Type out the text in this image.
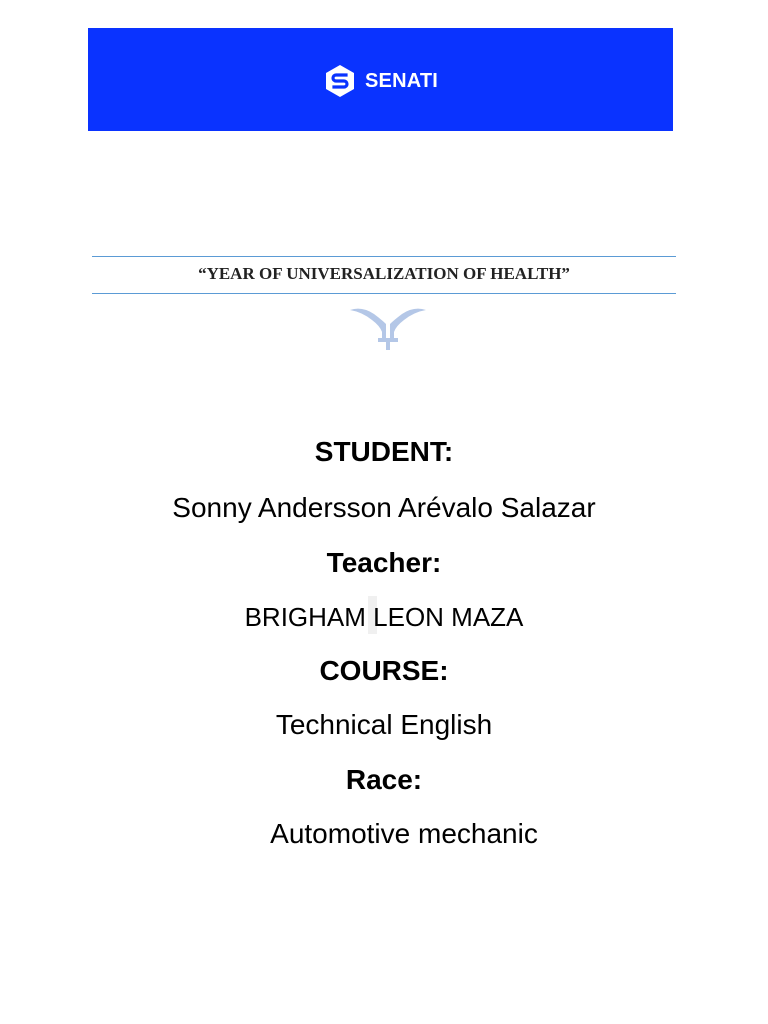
SENATI
“YEAR OF UNIVERSALIZATION OF HEALTH”
STUDENT:
Sonny Andersson Arévalo Salazar
Teacher:
BRIGHAM LEON MAZA
COURSE:
Technical English
Race:
Automotive mechanic
